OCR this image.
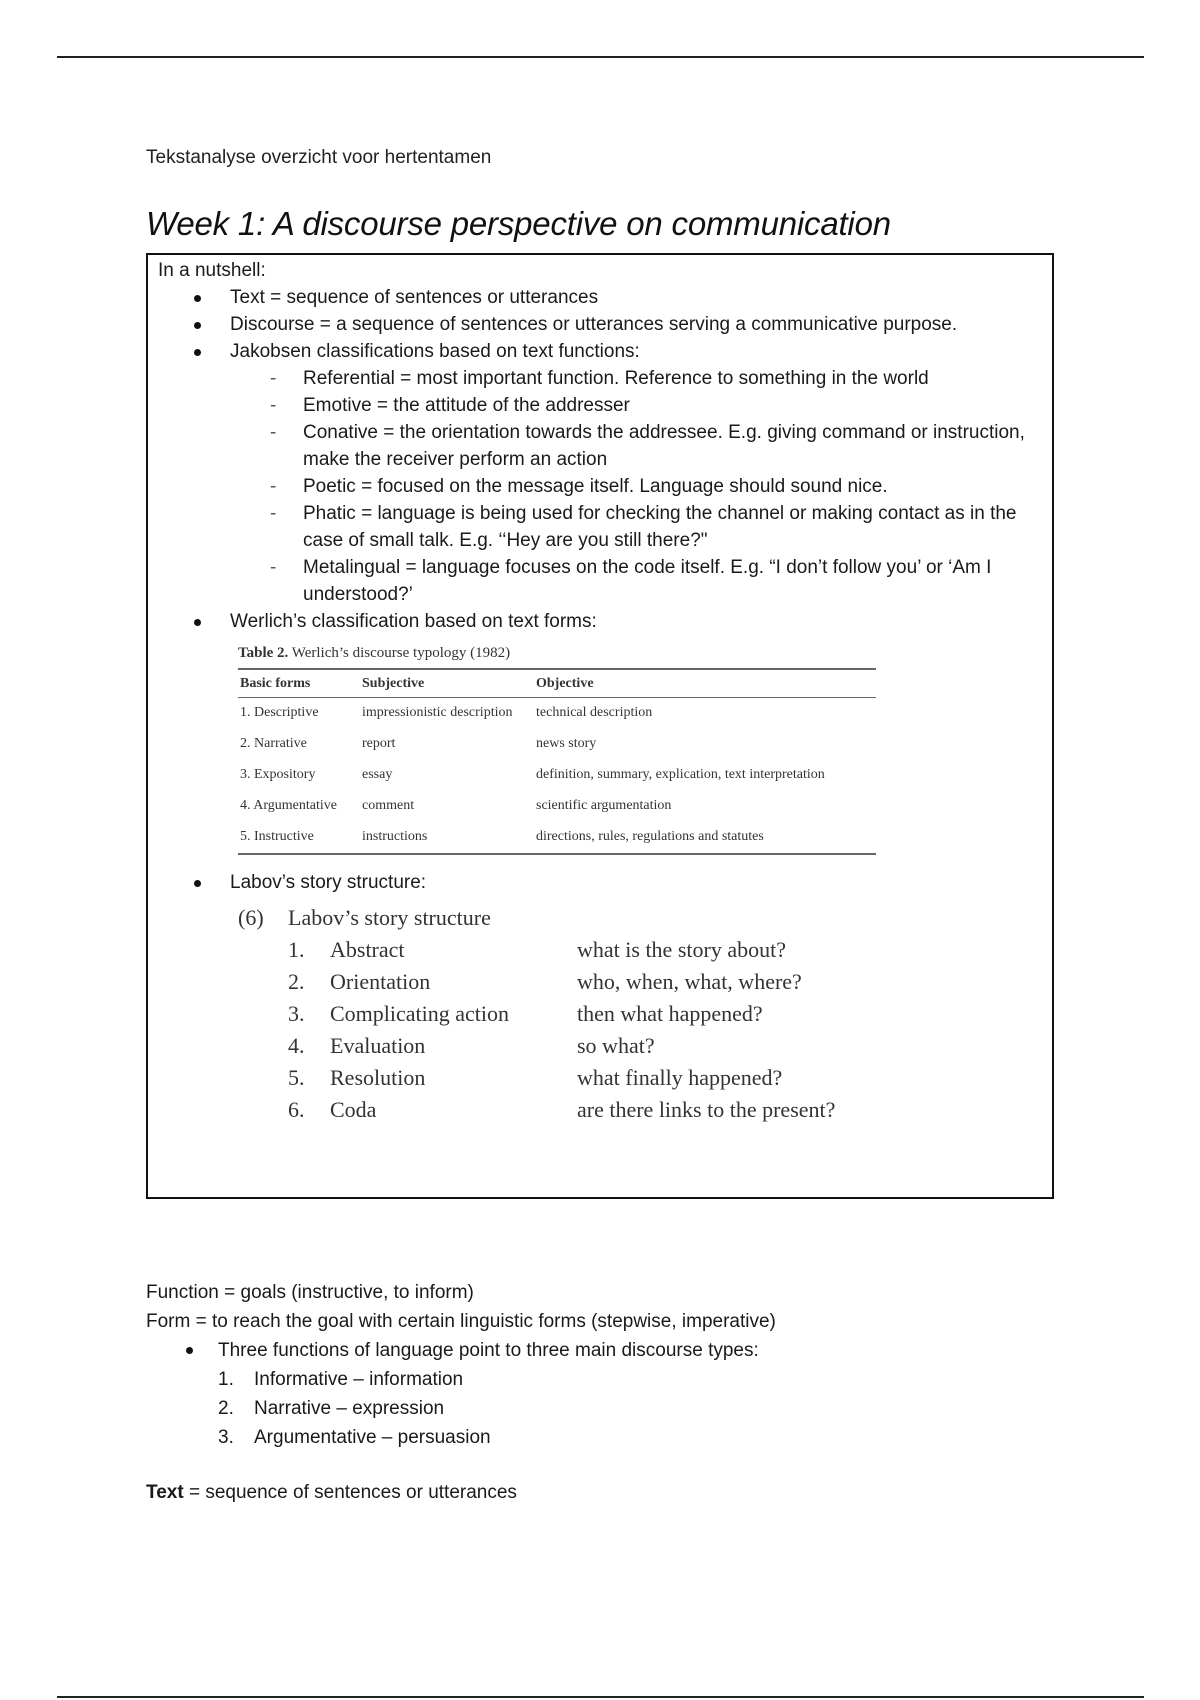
Tekstanalyse overzicht voor hertentamen
Week 1: A discourse perspective on communication
In a nutshell:
Text = sequence of sentences or utterances
Discourse = a sequence of sentences or utterances serving a communicative purpose.
Jakobsen classifications based on text functions:
- Referential = most important function. Reference to something in the world
- Emotive = the attitude of the addresser
- Conative = the orientation towards the addressee. E.g. giving command or instruction, make the receiver perform an action
- Poetic = focused on the message itself. Language should sound nice.
- Phatic = language is being used for checking the channel or making contact as in the case of small talk. E.g. ‘‘Hey are you still there?"
- Metalingual = language focuses on the code itself. E.g. “I don’t follow you’ or ‘Am I understood?’
Werlich’s classification based on text forms:
Table 2. Werlich’s discourse typology (1982)
Basic forms	Subjective	Objective
1. Descriptive	impressionistic description	technical description
2. Narrative	report	news story
3. Expository	essay	definition, summary, explication, text interpretation
4. Argumentative	comment	scientific argumentation
5. Instructive	instructions	directions, rules, regulations and statutes
Labov’s story structure:
(6) Labov’s story structure
1.	Abstract	what is the story about?
2.	Orientation	who, when, what, where?
3.	Complicating action	then what happened?
4.	Evaluation	so what?
5.	Resolution	what finally happened?
6.	Coda	are there links to the present?
Function = goals (instructive, to inform)
Form = to reach the goal with certain linguistic forms (stepwise, imperative)
Three functions of language point to three main discourse types:
1.	Informative – information
2.	Narrative – expression
3.	Argumentative – persuasion
Text = sequence of sentences or utterances
